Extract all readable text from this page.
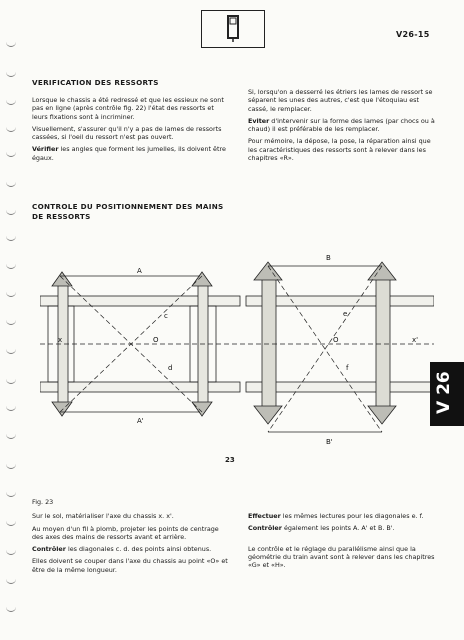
V26-15
VERIFICATION DES RESSORTS

Lorsque le chassis a été redressé et que les essieux ne sont pas en ligne (après contrôle fig. 22) l'état des ressorts et leurs fixations sont à incriminer.

Visuellement, s'assurer qu'il n'y a pas de lames de ressorts cassées, si l'oeil du ressort n'est pas ouvert.

Vérifier les angles que forment les jumelles, ils doivent être égaux.

Si, lorsqu'on a desserré les étriers les lames de ressort se séparent les unes des autres, c'est que l'étoquiau est cassé, le remplacer.

Eviter d'intervenir sur la forme des lames (par chocs ou à chaud) il est préférable de les remplacer.

Pour mémoire, la dépose, la pose, la réparation ainsi que les caractéristiques des ressorts sont à relever dans les chapitres «R».

CONTROLE DU POSITIONNEMENT DES MAINS
DE RESSORTS
A
A'
B
B'
x	x'
O	O
c
d
e
f
23
V 26

Fig. 23

Sur le sol, matérialiser l'axe du chassis x. x'.

Au moyen d'un fil à plomb, projeter les points de centrage des axes des mains de ressorts avant et arrière.

Contrôler les diagonales c. d. des points ainsi obtenus.

Elles doivent se couper dans l'axe du chassis au point «O» et être de la même longueur.

Effectuer les mêmes lectures pour les diagonales e. f.

Contrôler également les points A. A' et B. B'.

Le contrôle et le réglage du parallélisme ainsi que la géométrie du train avant sont à relever dans les chapitres «G» et «H».
